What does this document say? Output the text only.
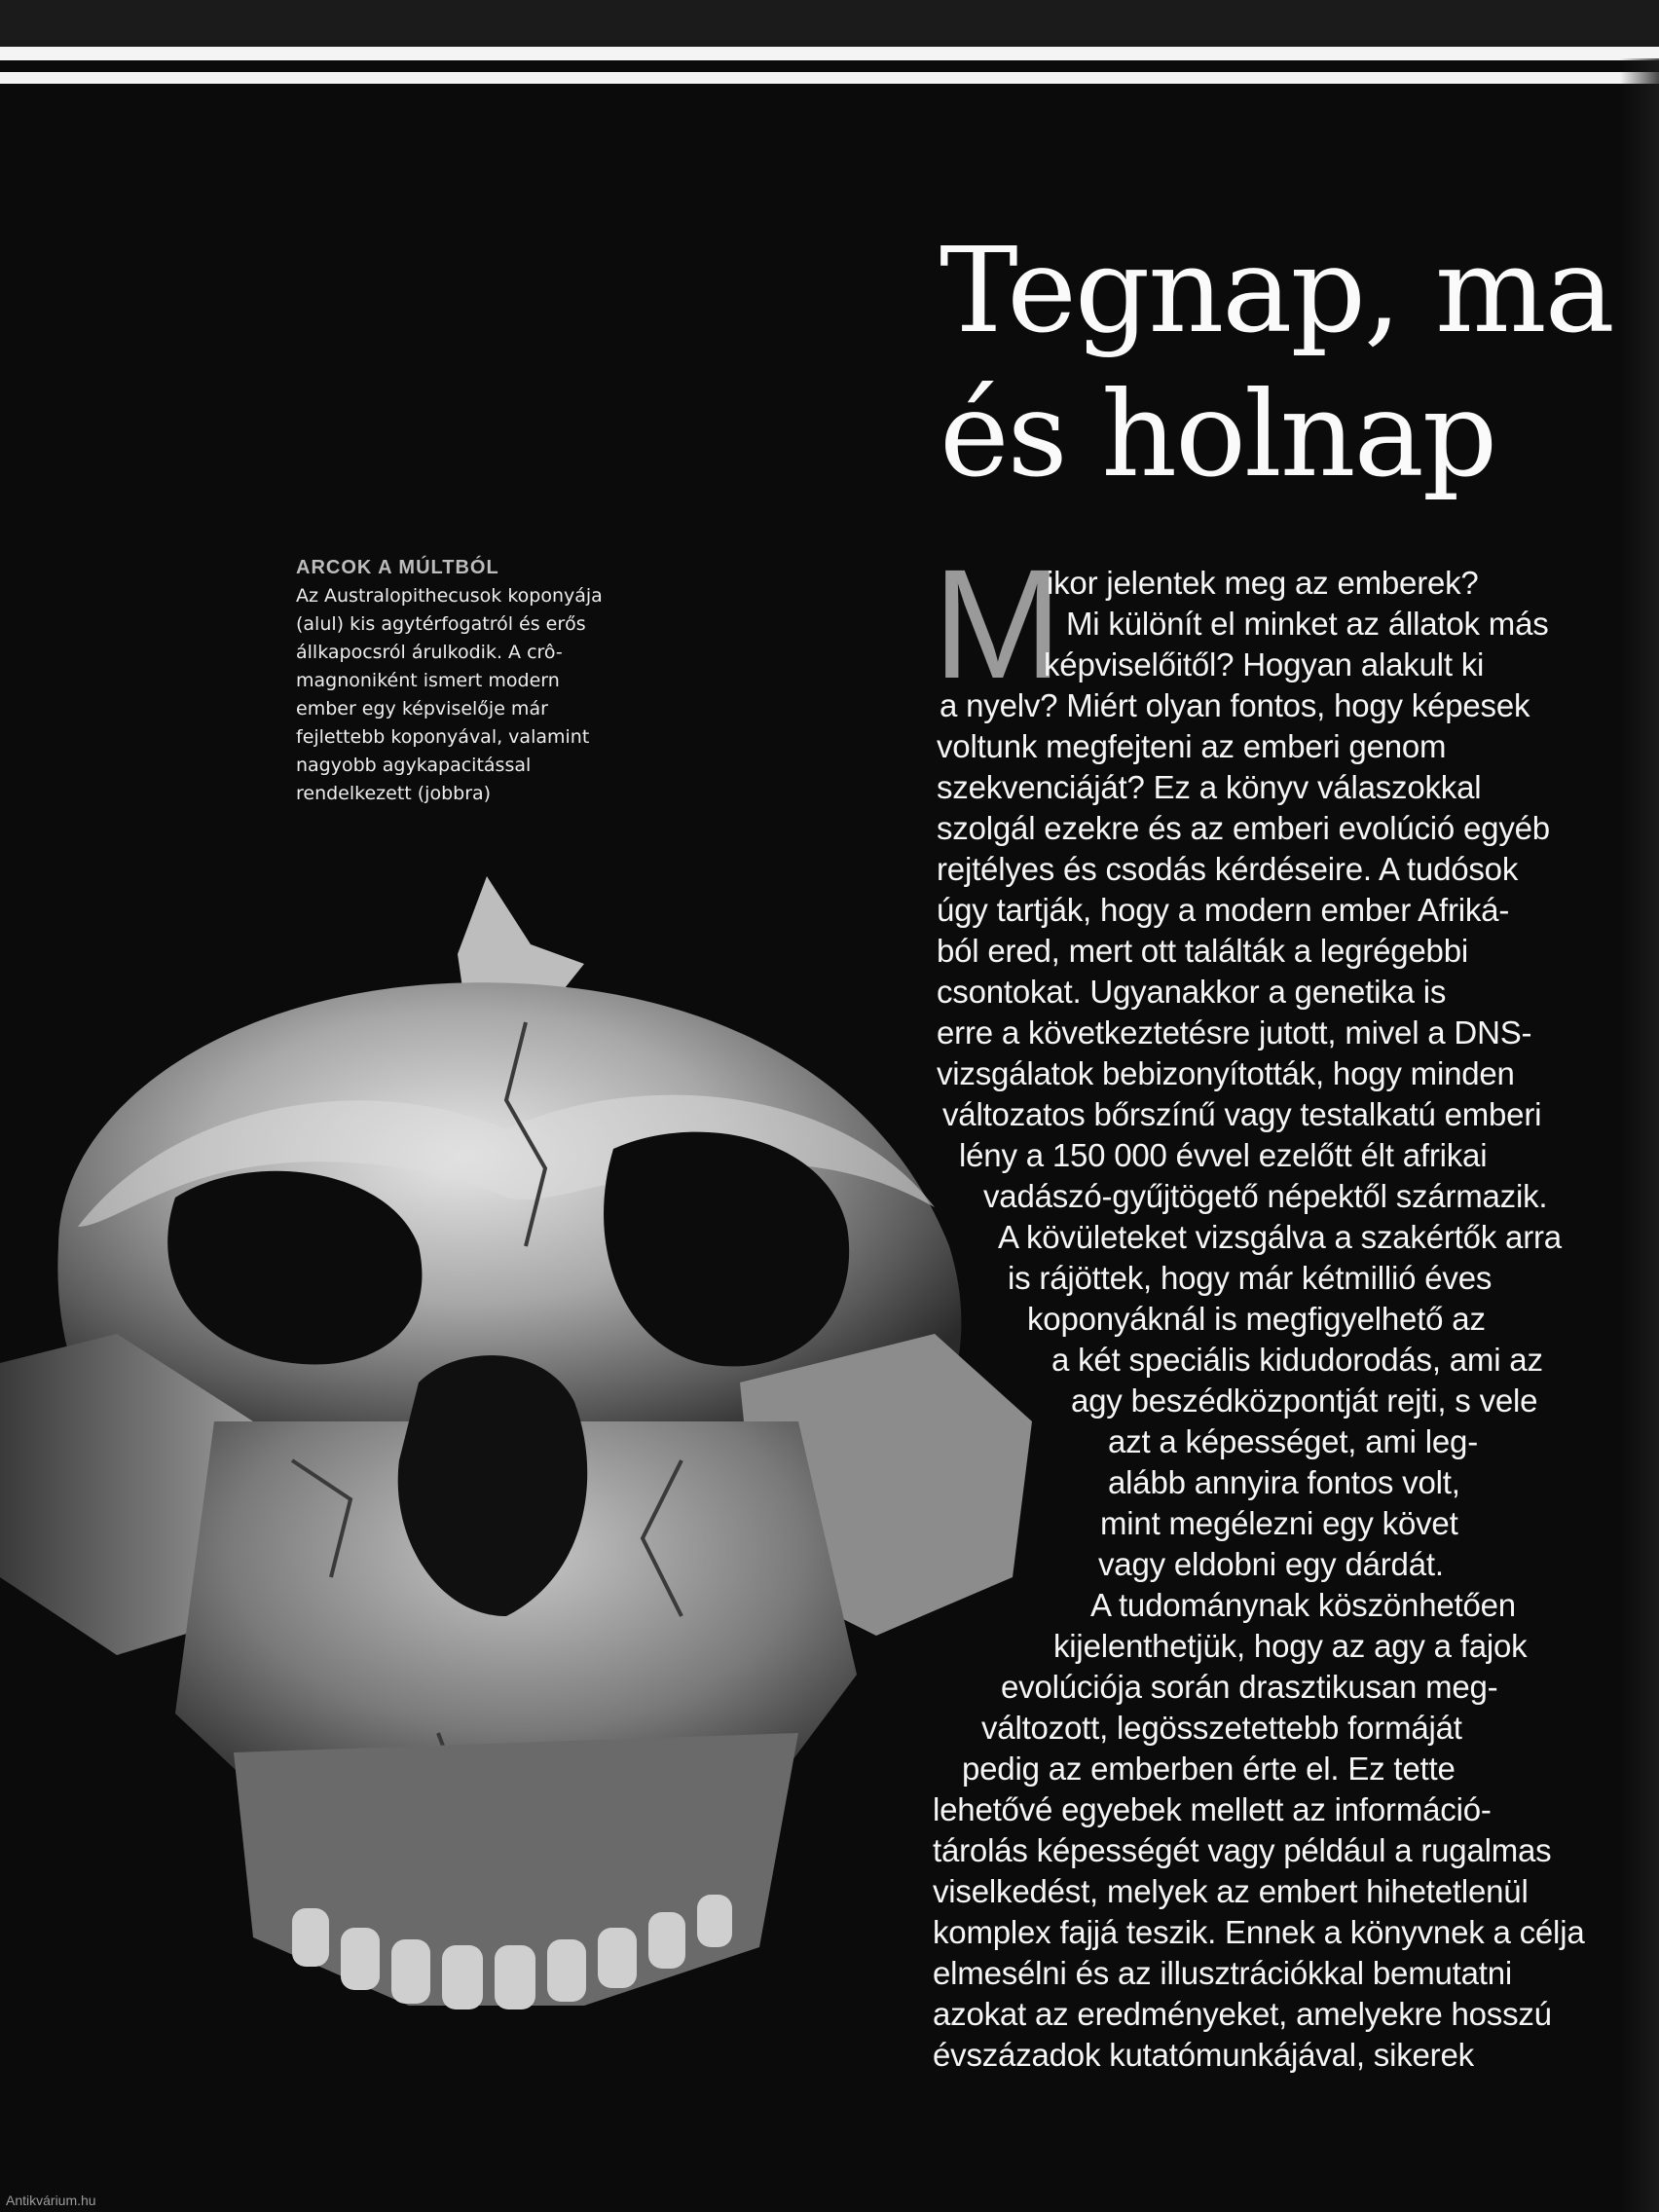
Tegnap, ma
és holnap
ARCOK A MÚLTBÓL
Az Australopithecusok koponyája
(alul) kis agytérfogatról és erős
állkapocsról árulkodik. A crô-
magnoniként ismert modern
ember egy képviselője már
fejlettebb koponyával, valamint
nagyobb agykapacitással
rendelkezett (jobbra)
M
ikor jelentek meg az emberek?
Mi különít el minket az állatok más
képviselőitől? Hogyan alakult ki
a nyelv? Miért olyan fontos, hogy képesek
voltunk megfejteni az emberi genom
szekvenciáját? Ez a könyv válaszokkal
szolgál ezekre és az emberi evolúció egyéb
rejtélyes és csodás kérdéseire. A tudósok
úgy tartják, hogy a modern ember Afriká-
ból ered, mert ott találták a legrégebbi
csontokat. Ugyanakkor a genetika is
erre a következtetésre jutott, mivel a DNS-
vizsgálatok bebizonyították, hogy minden
változatos bőrszínű vagy testalkatú emberi
lény a 150 000 évvel ezelőtt élt afrikai
vadászó-gyűjtögető népektől származik.
A kövületeket vizsgálva a szakértők arra
is rájöttek, hogy már kétmillió éves
koponyáknál is megfigyelhető az
a két speciális kidudorodás, ami az
agy beszédközpontját rejti, s vele
azt a képességet, ami leg-
alább annyira fontos volt,
mint megélezni egy követ
vagy eldobni egy dárdát.
A tudománynak köszönhetően
kijelenthetjük, hogy az agy a fajok
evolúciója során drasztikusan meg-
változott, legösszetettebb formáját
pedig az emberben érte el. Ez tette
lehetővé egyebek mellett az információ-
tárolás képességét vagy például a rugalmas
viselkedést, melyek az embert hihetetlenül
komplex fajjá teszik. Ennek a könyvnek a célja
elmesélni és az illusztrációkkal bemutatni
azokat az eredményeket, amelyekre hosszú
évszázadok kutatómunkájával, sikerek
Antikvárium.hu
